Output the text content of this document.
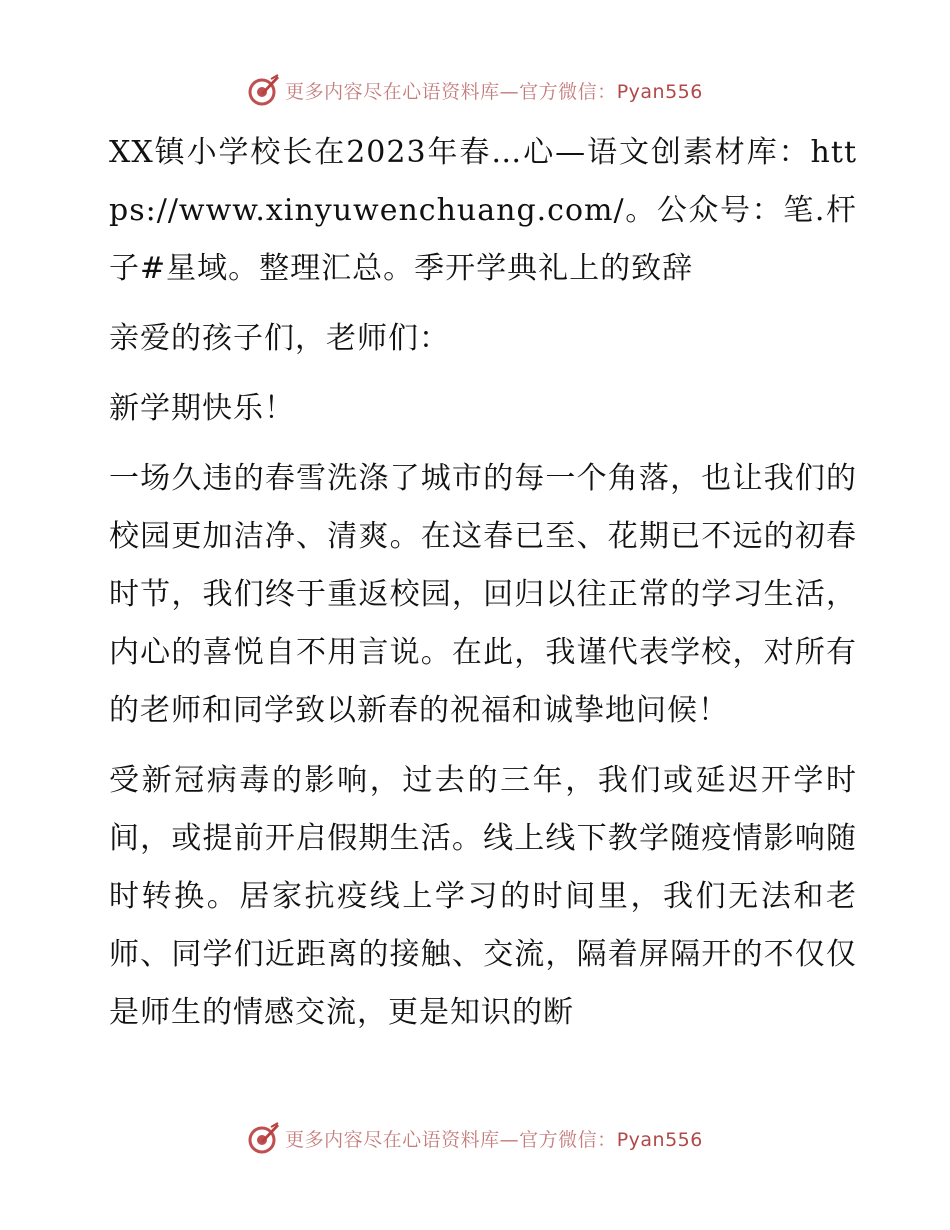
更多内容尽在心语资料库—官方微信：Pyan556

XX镇小学校长在2023年春…心—语文创素材库：https://www.xinyuwenchuang.com/。公众号：笔.杆子#星域。整理汇总。季开学典礼上的致辞

亲爱的孩子们，老师们：

新学期快乐！

一场久违的春雪洗涤了城市的每一个角落，也让我们的校园更加洁净、清爽。在这春已至、花期已不远的初春时节，我们终于重返校园，回归以往正常的学习生活，内心的喜悦自不用言说。在此，我谨代表学校，对所有的老师和同学致以新春的祝福和诚挚地问候！

受新冠病毒的影响，过去的三年，我们或延迟开学时间，或提前开启假期生活。线上线下教学随疫情影响随时转换。居家抗疫线上学习的时间里，我们无法和老师、同学们近距离的接触、交流，隔着屏隔开的不仅仅是师生的情感交流，更是知识的断

更多内容尽在心语资料库—官方微信：Pyan556
